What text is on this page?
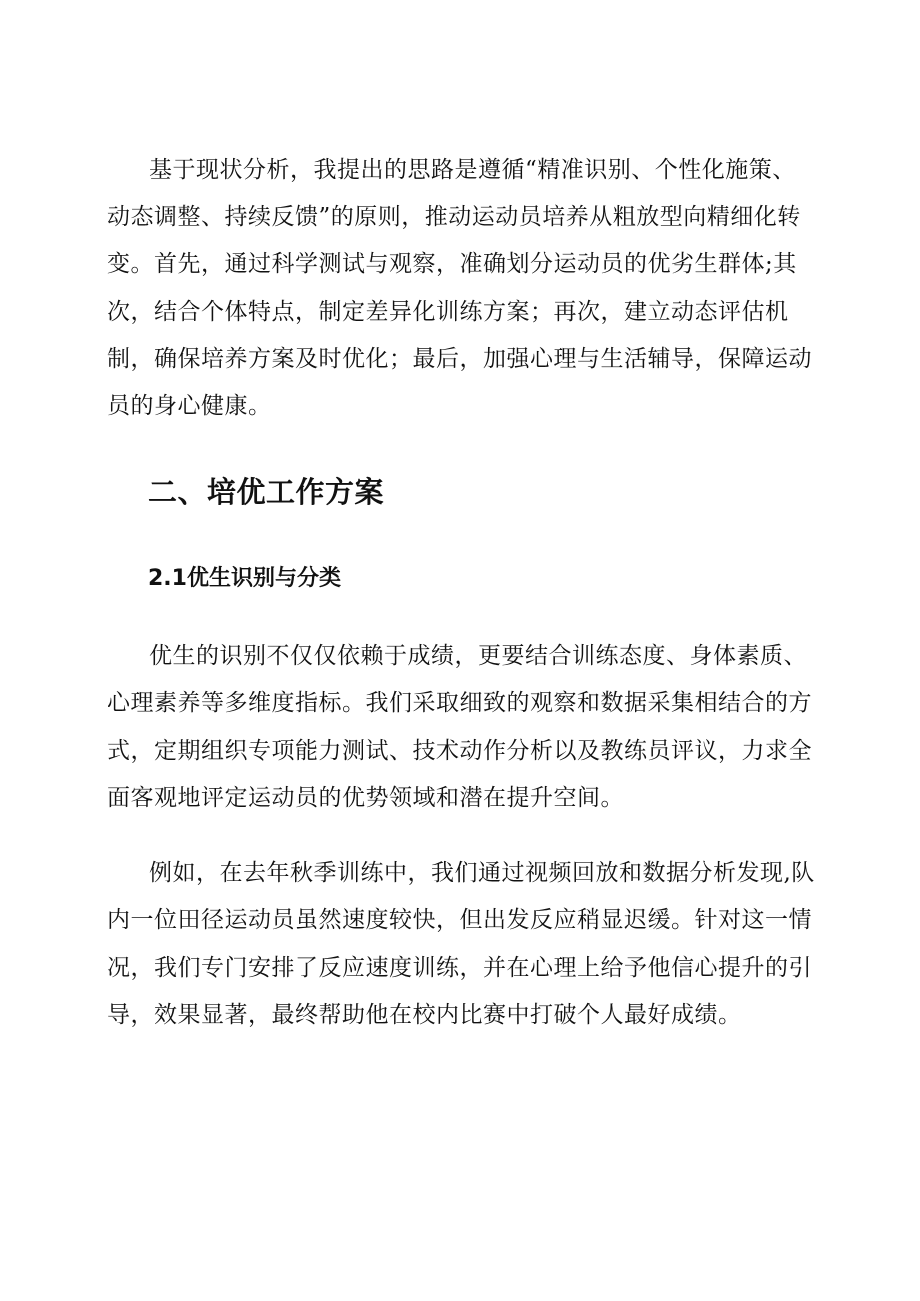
基于现状分析，我提出的思路是遵循“精准识别、个性化施策、

动态调整、持续反馈”的原则，推动运动员培养从粗放型向精细化转

变。首先，通过科学测试与观察，准确划分运动员的优劣生群体;其

次，结合个体特点，制定差异化训练方案；再次，建立动态评估机

制，确保培养方案及时优化；最后，加强心理与生活辅导，保障运动

员的身心健康。

二、培优工作方案
2.1优生识别与分类

优生的识别不仅仅依赖于成绩，更要结合训练态度、身体素质、

心理素养等多维度指标。我们采取细致的观察和数据采集相结合的方

式，定期组织专项能力测试、技术动作分析以及教练员评议，力求全

面客观地评定运动员的优势领域和潜在提升空间。

例如，在去年秋季训练中，我们通过视频回放和数据分析发现,队

内一位田径运动员虽然速度较快，但出发反应稍显迟缓。针对这一情

况，我们专门安排了反应速度训练，并在心理上给予他信心提升的引

导，效果显著，最终帮助他在校内比赛中打破个人最好成绩。
